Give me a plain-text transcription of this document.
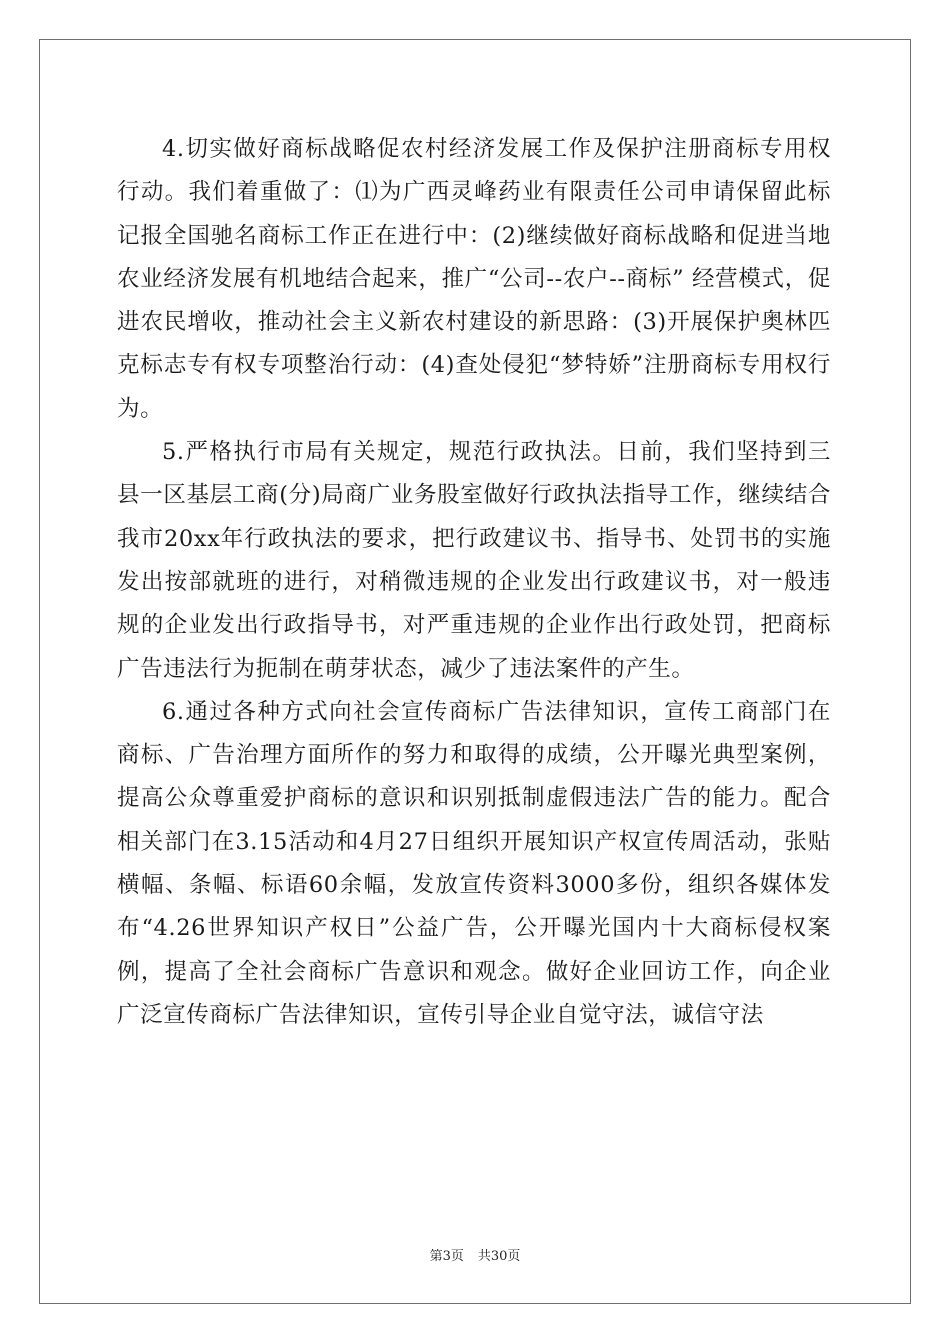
4.切实做好商标战略促农村经济发展工作及保护注册商标专用权行动。我们着重做了：⑴为广西灵峰药业有限责任公司申请保留此标记报全国驰名商标工作正在进行中：(2)继续做好商标战略和促进当地农业经济发展有机地结合起来，推广“公司--农户--商标” 经营模式，促进农民增收，推动社会主义新农村建设的新思路：(3)开展保护奥林匹克标志专有权专项整治行动：(4)查处侵犯“梦特娇”注册商标专用权行为。

5.严格执行市局有关规定，规范行政执法。日前，我们坚持到三县一区基层工商(分)局商广业务股室做好行政执法指导工作，继续结合我市20xx年行政执法的要求，把行政建议书、指导书、处罚书的实施发出按部就班的进行，对稍微违规的企业发出行政建议书，对一般违规的企业发出行政指导书，对严重违规的企业作出行政处罚，把商标广告违法行为扼制在萌芽状态，减少了违法案件的产生。

6.通过各种方式向社会宣传商标广告法律知识，宣传工商部门在商标、广告治理方面所作的努力和取得的成绩，公开曝光典型案例，提高公众尊重爱护商标的意识和识别抵制虚假违法广告的能力。配合相关部门在3.15活动和4月27日组织开展知识产权宣传周活动，张贴横幅、条幅、标语60余幅，发放宣传资料3000多份，组织各媒体发布“4.26世界知识产权日”公益广告，公开曝光国内十大商标侵权案例，提高了全社会商标广告意识和观念。做好企业回访工作，向企业广泛宣传商标广告法律知识，宣传引导企业自觉守法，诚信守法

第3页 共30页
